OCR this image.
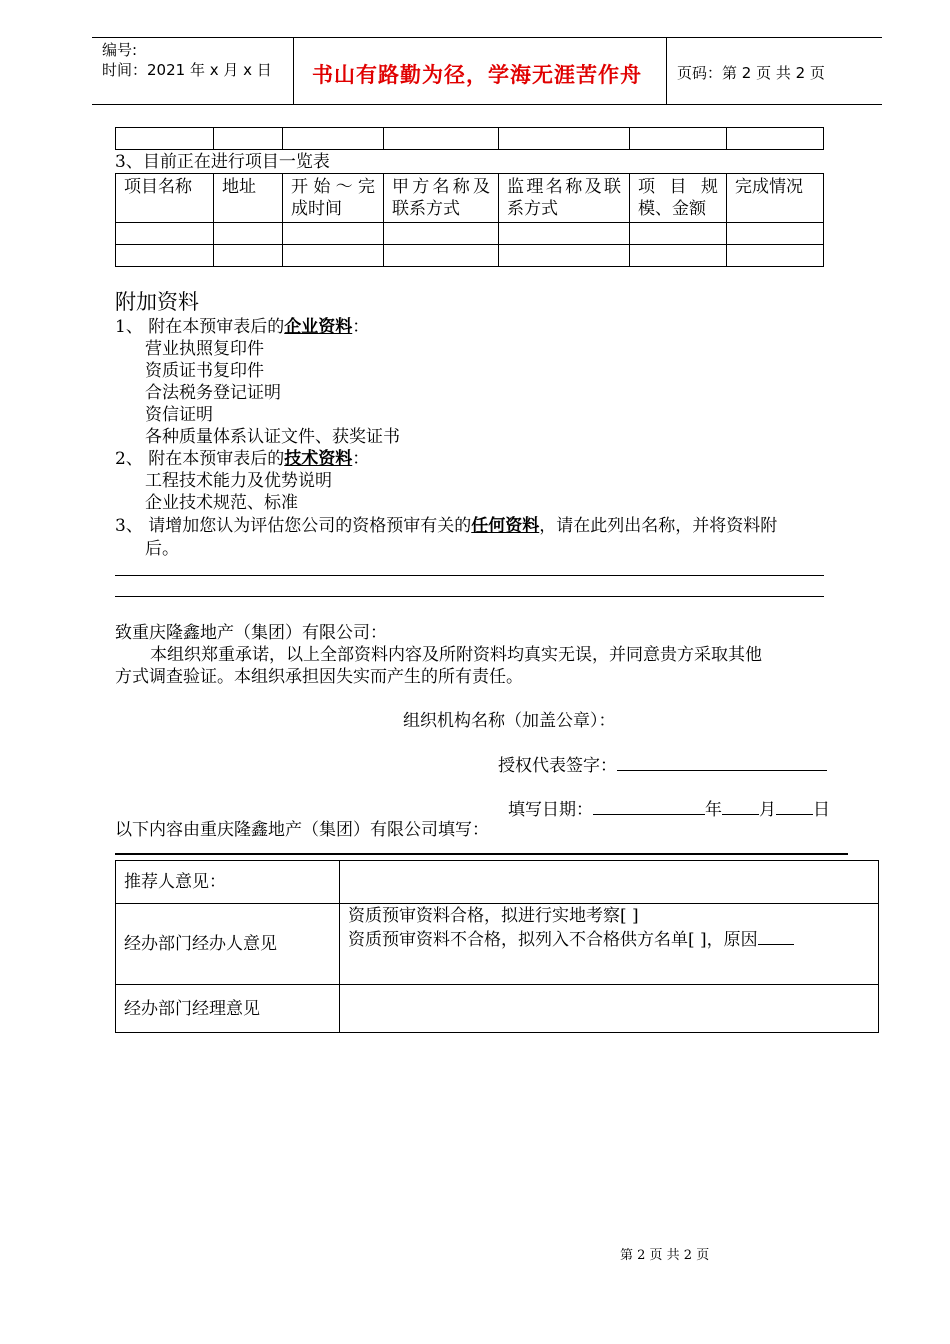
编号:
时间：2021 年 x 月 x 日 书山有路勤为径，学海无涯苦作舟 页码：第 2 页 共 2 页

3、目前正在进行项目一览表
项目名称	地址	开始～完成时间	甲方名称及联系方式	监理名称及联系方式	项目规模、金额	完成情况

附加资料
1、 附在本预审表后的企业资料：
营业执照复印件
资质证书复印件
合法税务登记证明
资信证明
各种质量体系认证文件、获奖证书
2、 附在本预审表后的技术资料：
工程技术能力及优势说明
企业技术规范、标准
3、 请增加您认为评估您公司的资格预审有关的任何资料，请在此列出名称，并将资料附
后。
致重庆隆鑫地产（集团）有限公司：
本组织郑重承诺，以上全部资料内容及所附资料均真实无误，并同意贵方采取其他
方式调查验证。本组织承担因失实而产生的所有责任。
组织机构名称（加盖公章）：
授权代表签字：
填写日期：	年 月 日
以下内容由重庆隆鑫地产（集团）有限公司填写：
推荐人意见：	
经办部门经办人意见	资质预审资料合格，拟进行实地考察[ ]
资质预审资料不合格，拟列入不合格供方名单[ ]，原因

经办部门经理意见	
第 2 页 共 2 页
